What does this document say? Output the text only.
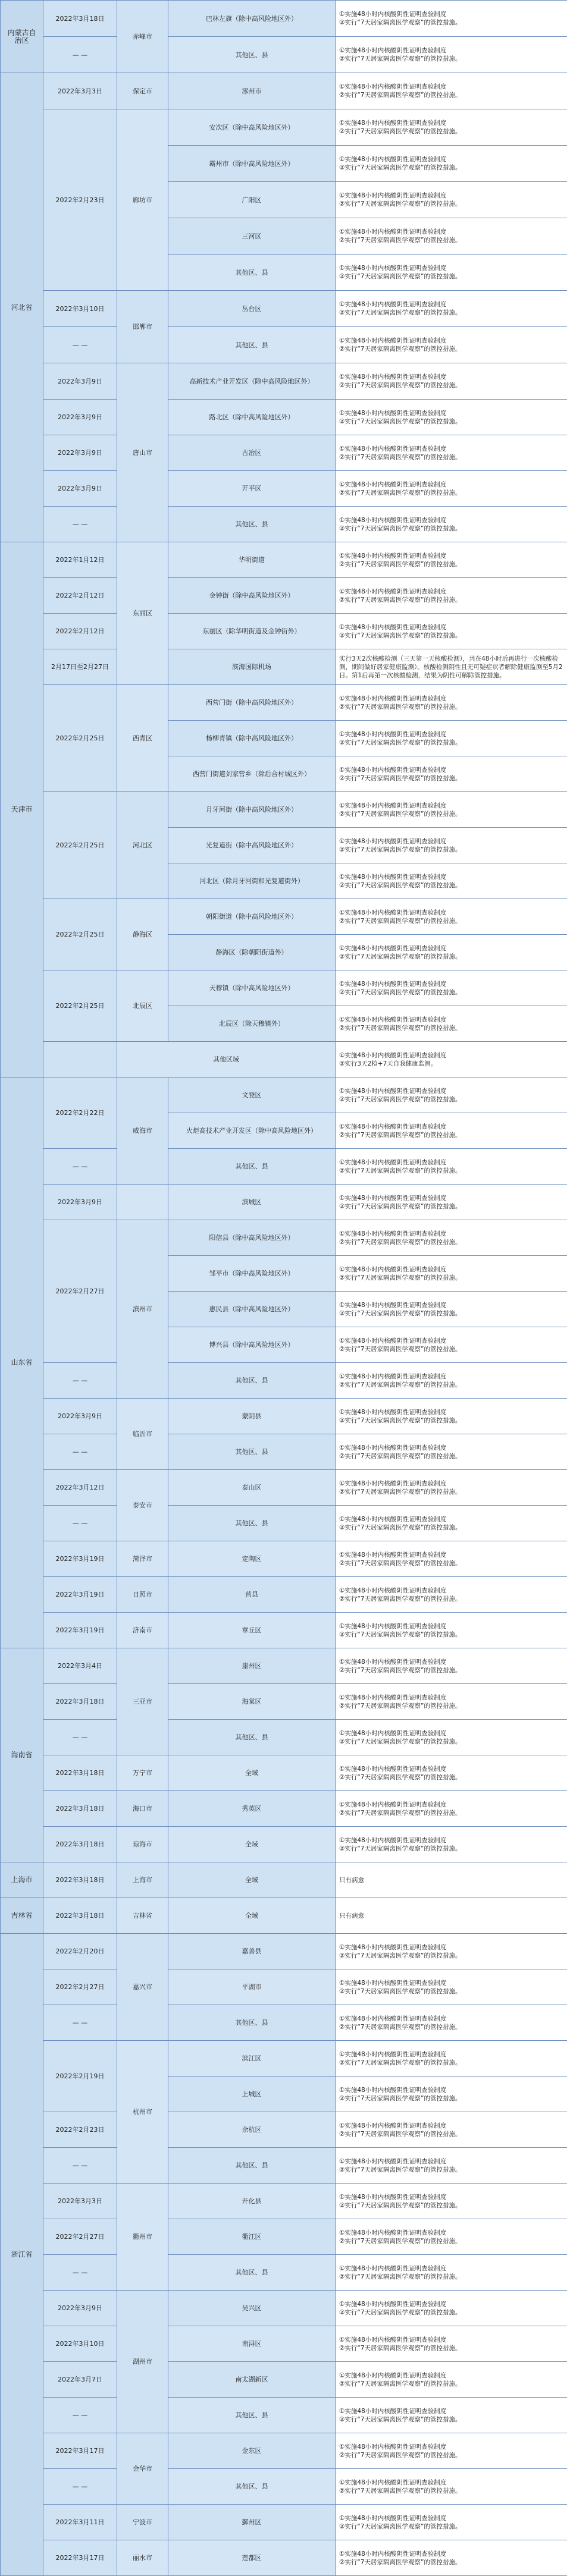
内蒙古自治区	2022年3月18日	赤峰市	巴林左旗（除中高风险地区外）	①实施48小时内核酸阴性证明查验制度
②实行“7天居家隔离医学观察”的管控措施。
	— —		其他区、县	①实施48小时内核酸阴性证明查验制度
②实行“7天居家隔离医学观察”的管控措施。
河北省	2022年3月3日	保定市	涿州市	①实施48小时内核酸阴性证明查验制度
②实行“7天居家隔离医学观察”的管控措施。
	2022年2月23日	廊坊市	安次区（除中高风险地区外）	①实施48小时内核酸阴性证明查验制度
②实行“7天居家隔离医学观察”的管控措施。
			霸州市（除中高风险地区外）	①实施48小时内核酸阴性证明查验制度
②实行“7天居家隔离医学观察”的管控措施。
			广阳区	①实施48小时内核酸阴性证明查验制度
②实行“7天居家隔离医学观察”的管控措施。
			三河区	①实施48小时内核酸阴性证明查验制度
②实行“7天居家隔离医学观察”的管控措施。
			其他区、县	①实施48小时内核酸阴性证明查验制度
②实行“7天居家隔离医学观察”的管控措施。
	2022年3月10日	邯郸市	丛台区	①实施48小时内核酸阴性证明查验制度
②实行“7天居家隔离医学观察”的管控措施。
	— —		其他区、县	①实施48小时内核酸阴性证明查验制度
②实行“7天居家隔离医学观察”的管控措施。
	2022年3月9日	唐山市	高新技术产业开发区（除中高风险地区外）	①实施48小时内核酸阴性证明查验制度
②实行“7天居家隔离医学观察”的管控措施。
	2022年3月9日		路北区（除中高风险地区外）	①实施48小时内核酸阴性证明查验制度
②实行“7天居家隔离医学观察”的管控措施。
	2022年3月9日		古冶区	①实施48小时内核酸阴性证明查验制度
②实行“7天居家隔离医学观察”的管控措施。
	2022年3月9日		开平区	①实施48小时内核酸阴性证明查验制度
②实行“7天居家隔离医学观察”的管控措施。
	— —		其他区、县	①实施48小时内核酸阴性证明查验制度
②实行“7天居家隔离医学观察”的管控措施。
天津市	2022年1月12日	东丽区	华明街道	①实施48小时内核酸阴性证明查验制度
②实行“7天居家隔离医学观察”的管控措施。
	2022年2月12日		金钟街（除中高风险地区外）	①实施48小时内核酸阴性证明查验制度
②实行“7天居家隔离医学观察”的管控措施。
	2022年2月12日		东丽区（除华明街道及金钟街外）	①实施48小时内核酸阴性证明查验制度
②实行“7天居家隔离医学观察”的管控措施。
	2月17日至2月27日		滨海国际机场	实行3天2次核酸检测（三天第一天核酸检测），共在48小时后再进行一次核酸检测，期间做好居家健康监测）。核酸检测阴性且无可疑症状者解除健康监测至5月2日。第1后再第一次核酸检测，结果为阴性可解除管控措施。
	2022年2月25日	西青区	西营门街（除中高风险地区外）	①实施48小时内核酸阴性证明查验制度
②实行“7天居家隔离医学观察”的管控措施。
			杨柳青镇（除中高风险地区外）	①实施48小时内核酸阴性证明查验制度
②实行“7天居家隔离医学观察”的管控措施。
			西营门街道刘家营乡（除后合村城区外）	①实施48小时内核酸阴性证明查验制度
②实行“7天居家隔离医学观察”的管控措施。
	2022年2月25日	河北区	月牙河街（除中高风险地区外）	①实施48小时内核酸阴性证明查验制度
②实行“7天居家隔离医学观察”的管控措施。
			光复道街（除中高风险地区外）	①实施48小时内核酸阴性证明查验制度
②实行“7天居家隔离医学观察”的管控措施。
			河北区（除月牙河街和光复道街外）	①实施48小时内核酸阴性证明查验制度
②实行“7天居家隔离医学观察”的管控措施。
	2022年2月25日	静海区	朝阳街道（除中高风险地区外）	①实施48小时内核酸阴性证明查验制度
②实行“7天居家隔离医学观察”的管控措施。
			静海区（除朝阳街道外）	①实施48小时内核酸阴性证明查验制度
②实行“7天居家隔离医学观察”的管控措施。
	2022年2月25日	北辰区	天穆镇（除中高风险地区外）	①实施48小时内核酸阴性证明查验制度
②实行“7天居家隔离医学观察”的管控措施。
			北辰区（除天穆镇外）	①实施48小时内核酸阴性证明查验制度
②实行“7天居家隔离医学观察”的管控措施。
		其他区域		①实施48小时内核酸阴性证明查验制度
②实行3天2检+7天自我健康监测。
山东省	2022年2月22日	威海市	文登区	①实施48小时内核酸阴性证明查验制度
②实行“7天居家隔离医学观察”的管控措施。
			火炬高技术产业开发区（除中高风险地区外）	①实施48小时内核酸阴性证明查验制度
②实行“7天居家隔离医学观察”的管控措施。
	— —		其他区、县	①实施48小时内核酸阴性证明查验制度
②实行“7天居家隔离医学观察”的管控措施。
	2022年3月9日		滨城区	①实施48小时内核酸阴性证明查验制度
②实行“7天居家隔离医学观察”的管控措施。
	2022年2月27日	滨州市	阳信县（除中高风险地区外）	①实施48小时内核酸阴性证明查验制度
②实行“7天居家隔离医学观察”的管控措施。
			邹平市（除中高风险地区外）	①实施48小时内核酸阴性证明查验制度
②实行“7天居家隔离医学观察”的管控措施。
			惠民县（除中高风险地区外）	①实施48小时内核酸阴性证明查验制度
②实行“7天居家隔离医学观察”的管控措施。
			博兴县（除中高风险地区外）	①实施48小时内核酸阴性证明查验制度
②实行“7天居家隔离医学观察”的管控措施。
	— —		其他区、县	①实施48小时内核酸阴性证明查验制度
②实行“7天居家隔离医学观察”的管控措施。
	2022年3月9日	临沂市	蒙阴县	①实施48小时内核酸阴性证明查验制度
②实行“7天居家隔离医学观察”的管控措施。
	— —		其他区、县	①实施48小时内核酸阴性证明查验制度
②实行“7天居家隔离医学观察”的管控措施。
	2022年3月12日	泰安市	泰山区	①实施48小时内核酸阴性证明查验制度
②实行“7天居家隔离医学观察”的管控措施。
	— —		其他区、县	①实施48小时内核酸阴性证明查验制度
②实行“7天居家隔离医学观察”的管控措施。
	2022年3月19日	菏泽市	定陶区	①实施48小时内核酸阴性证明查验制度
②实行“7天居家隔离医学观察”的管控措施。
	2022年3月19日	日照市	莒县	①实施48小时内核酸阴性证明查验制度
②实行“7天居家隔离医学观察”的管控措施。
	2022年3月19日	济南市	章丘区	①实施48小时内核酸阴性证明查验制度
②实行“7天居家隔离医学观察”的管控措施。
海南省	2022年3月4日	三亚市	崖州区	①实施48小时内核酸阴性证明查验制度
②实行“7天居家隔离医学观察”的管控措施。
	2022年3月18日		海棠区	①实施48小时内核酸阴性证明查验制度
②实行“7天居家隔离医学观察”的管控措施。
	— —		其他区、县	①实施48小时内核酸阴性证明查验制度
②实行“7天居家隔离医学观察”的管控措施。
	2022年3月18日	万宁市	全域	①实施48小时内核酸阴性证明查验制度
②实行“7天居家隔离医学观察”的管控措施。
	2022年3月18日	海口市	秀英区	①实施48小时内核酸阴性证明查验制度
②实行“7天居家隔离医学观察”的管控措施。
	2022年3月18日	琼海市	全域	①实施48小时内核酸阴性证明查验制度
②实行“7天居家隔离医学观察”的管控措施。
上海市	2022年3月18日	上海市	全域	只有病愈
吉林省	2022年3月18日	吉林省	全域	只有病愈
浙江省	2022年2月20日	嘉兴市	嘉善县	①实施48小时内核酸阴性证明查验制度
②实行“7天居家隔离医学观察”的管控措施。
	2022年2月27日		平湖市	①实施48小时内核酸阴性证明查验制度
②实行“7天居家隔离医学观察”的管控措施。
	— —		其他区、县	①实施48小时内核酸阴性证明查验制度
②实行“7天居家隔离医学观察”的管控措施。
	2022年2月19日	杭州市	滨江区	①实施48小时内核酸阴性证明查验制度
②实行“7天居家隔离医学观察”的管控措施。
			上城区	①实施48小时内核酸阴性证明查验制度
②实行“7天居家隔离医学观察”的管控措施。
	2022年2月23日		余杭区	①实施48小时内核酸阴性证明查验制度
②实行“7天居家隔离医学观察”的管控措施。
	— —		其他区、县	①实施48小时内核酸阴性证明查验制度
②实行“7天居家隔离医学观察”的管控措施。
	2022年3月3日	衢州市	开化县	①实施48小时内核酸阴性证明查验制度
②实行“7天居家隔离医学观察”的管控措施。
	2022年2月27日		衢江区	①实施48小时内核酸阴性证明查验制度
②实行“7天居家隔离医学观察”的管控措施。
	— —		其他区、县	①实施48小时内核酸阴性证明查验制度
②实行“7天居家隔离医学观察”的管控措施。
	2022年3月9日	湖州市	吴兴区	①实施48小时内核酸阴性证明查验制度
②实行“7天居家隔离医学观察”的管控措施。
	2022年3月10日		南浔区	①实施48小时内核酸阴性证明查验制度
②实行“7天居家隔离医学观察”的管控措施。
	2022年3月7日		南太湖新区	①实施48小时内核酸阴性证明查验制度
②实行“7天居家隔离医学观察”的管控措施。
	— —		其他区、县	①实施48小时内核酸阴性证明查验制度
②实行“7天居家隔离医学观察”的管控措施。
	2022年3月17日	金华市	金东区	①实施48小时内核酸阴性证明查验制度
②实行“7天居家隔离医学观察”的管控措施。
	— —		其他区、县	①实施48小时内核酸阴性证明查验制度
②实行“7天居家隔离医学观察”的管控措施。
	2022年3月11日	宁波市	鄞州区	①实施48小时内核酸阴性证明查验制度
②实行“7天居家隔离医学观察”的管控措施。
	2022年3月17日	丽水市	莲都区	①实施48小时内核酸阴性证明查验制度
②实行“7天居家隔离医学观察”的管控措施。
